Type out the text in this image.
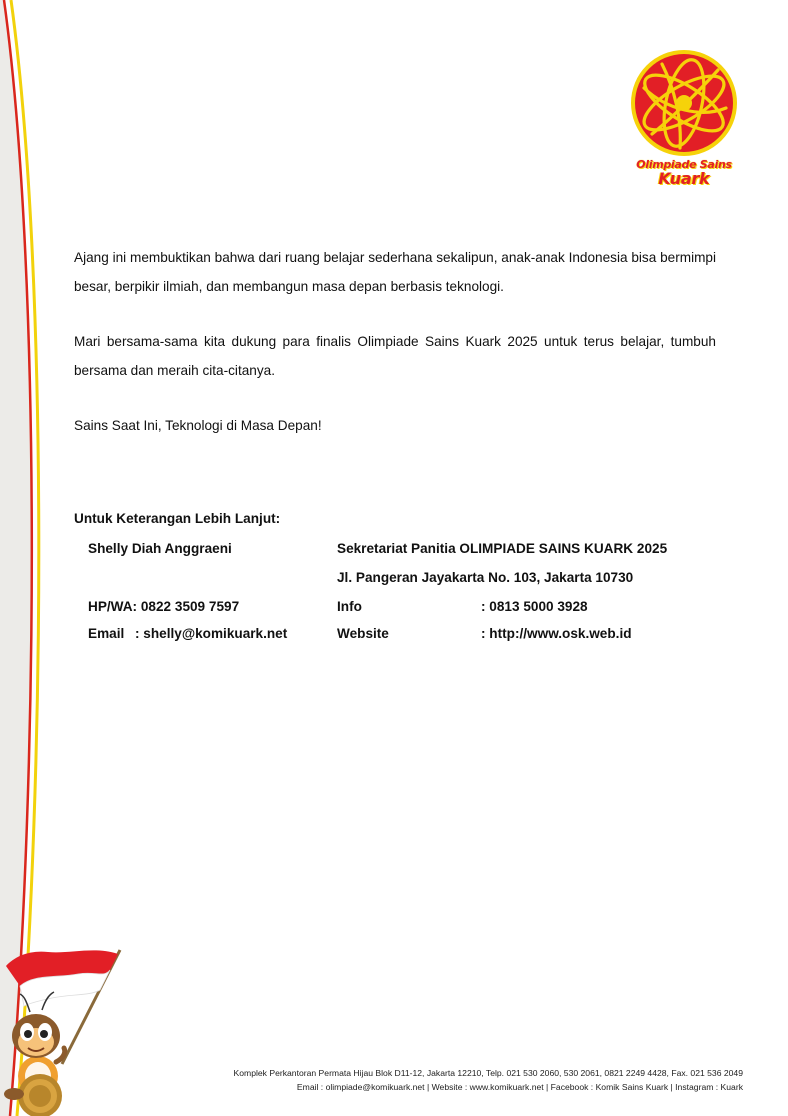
Olimpiade Sains
Kuark

Ajang ini membuktikan bahwa dari ruang belajar sederhana sekalipun, anak-anak Indonesia bisa bermimpi besar, berpikir ilmiah, dan membangun masa depan berbasis teknologi.

Mari bersama-sama kita dukung para finalis Olimpiade Sains Kuark 2025 untuk terus belajar, tumbuh bersama dan meraih cita-citanya.

Sains Saat Ini, Teknologi di Masa Depan!

Untuk Keterangan Lebih Lanjut:
Shelly Diah Anggraeni
HP/WA: 0822 3509 7597
Email : shelly@komikuark.net
Sekretariat Panitia OLIMPIADE SAINS KUARK 2025
Jl. Pangeran Jayakarta No. 103, Jakarta 10730
Info	: 0813 5000 3928
Website	: http://www.osk.web.id
Komplek Perkantoran Permata Hijau Blok D11-12, Jakarta 12210, Telp. 021 530 2060, 530 2061, 0821 2249 4428, Fax. 021 536 2049
Email : olimpiade@komikuark.net | Website : www.komikuark.net | Facebook : Komik Sains Kuark | Instagram : Kuark
